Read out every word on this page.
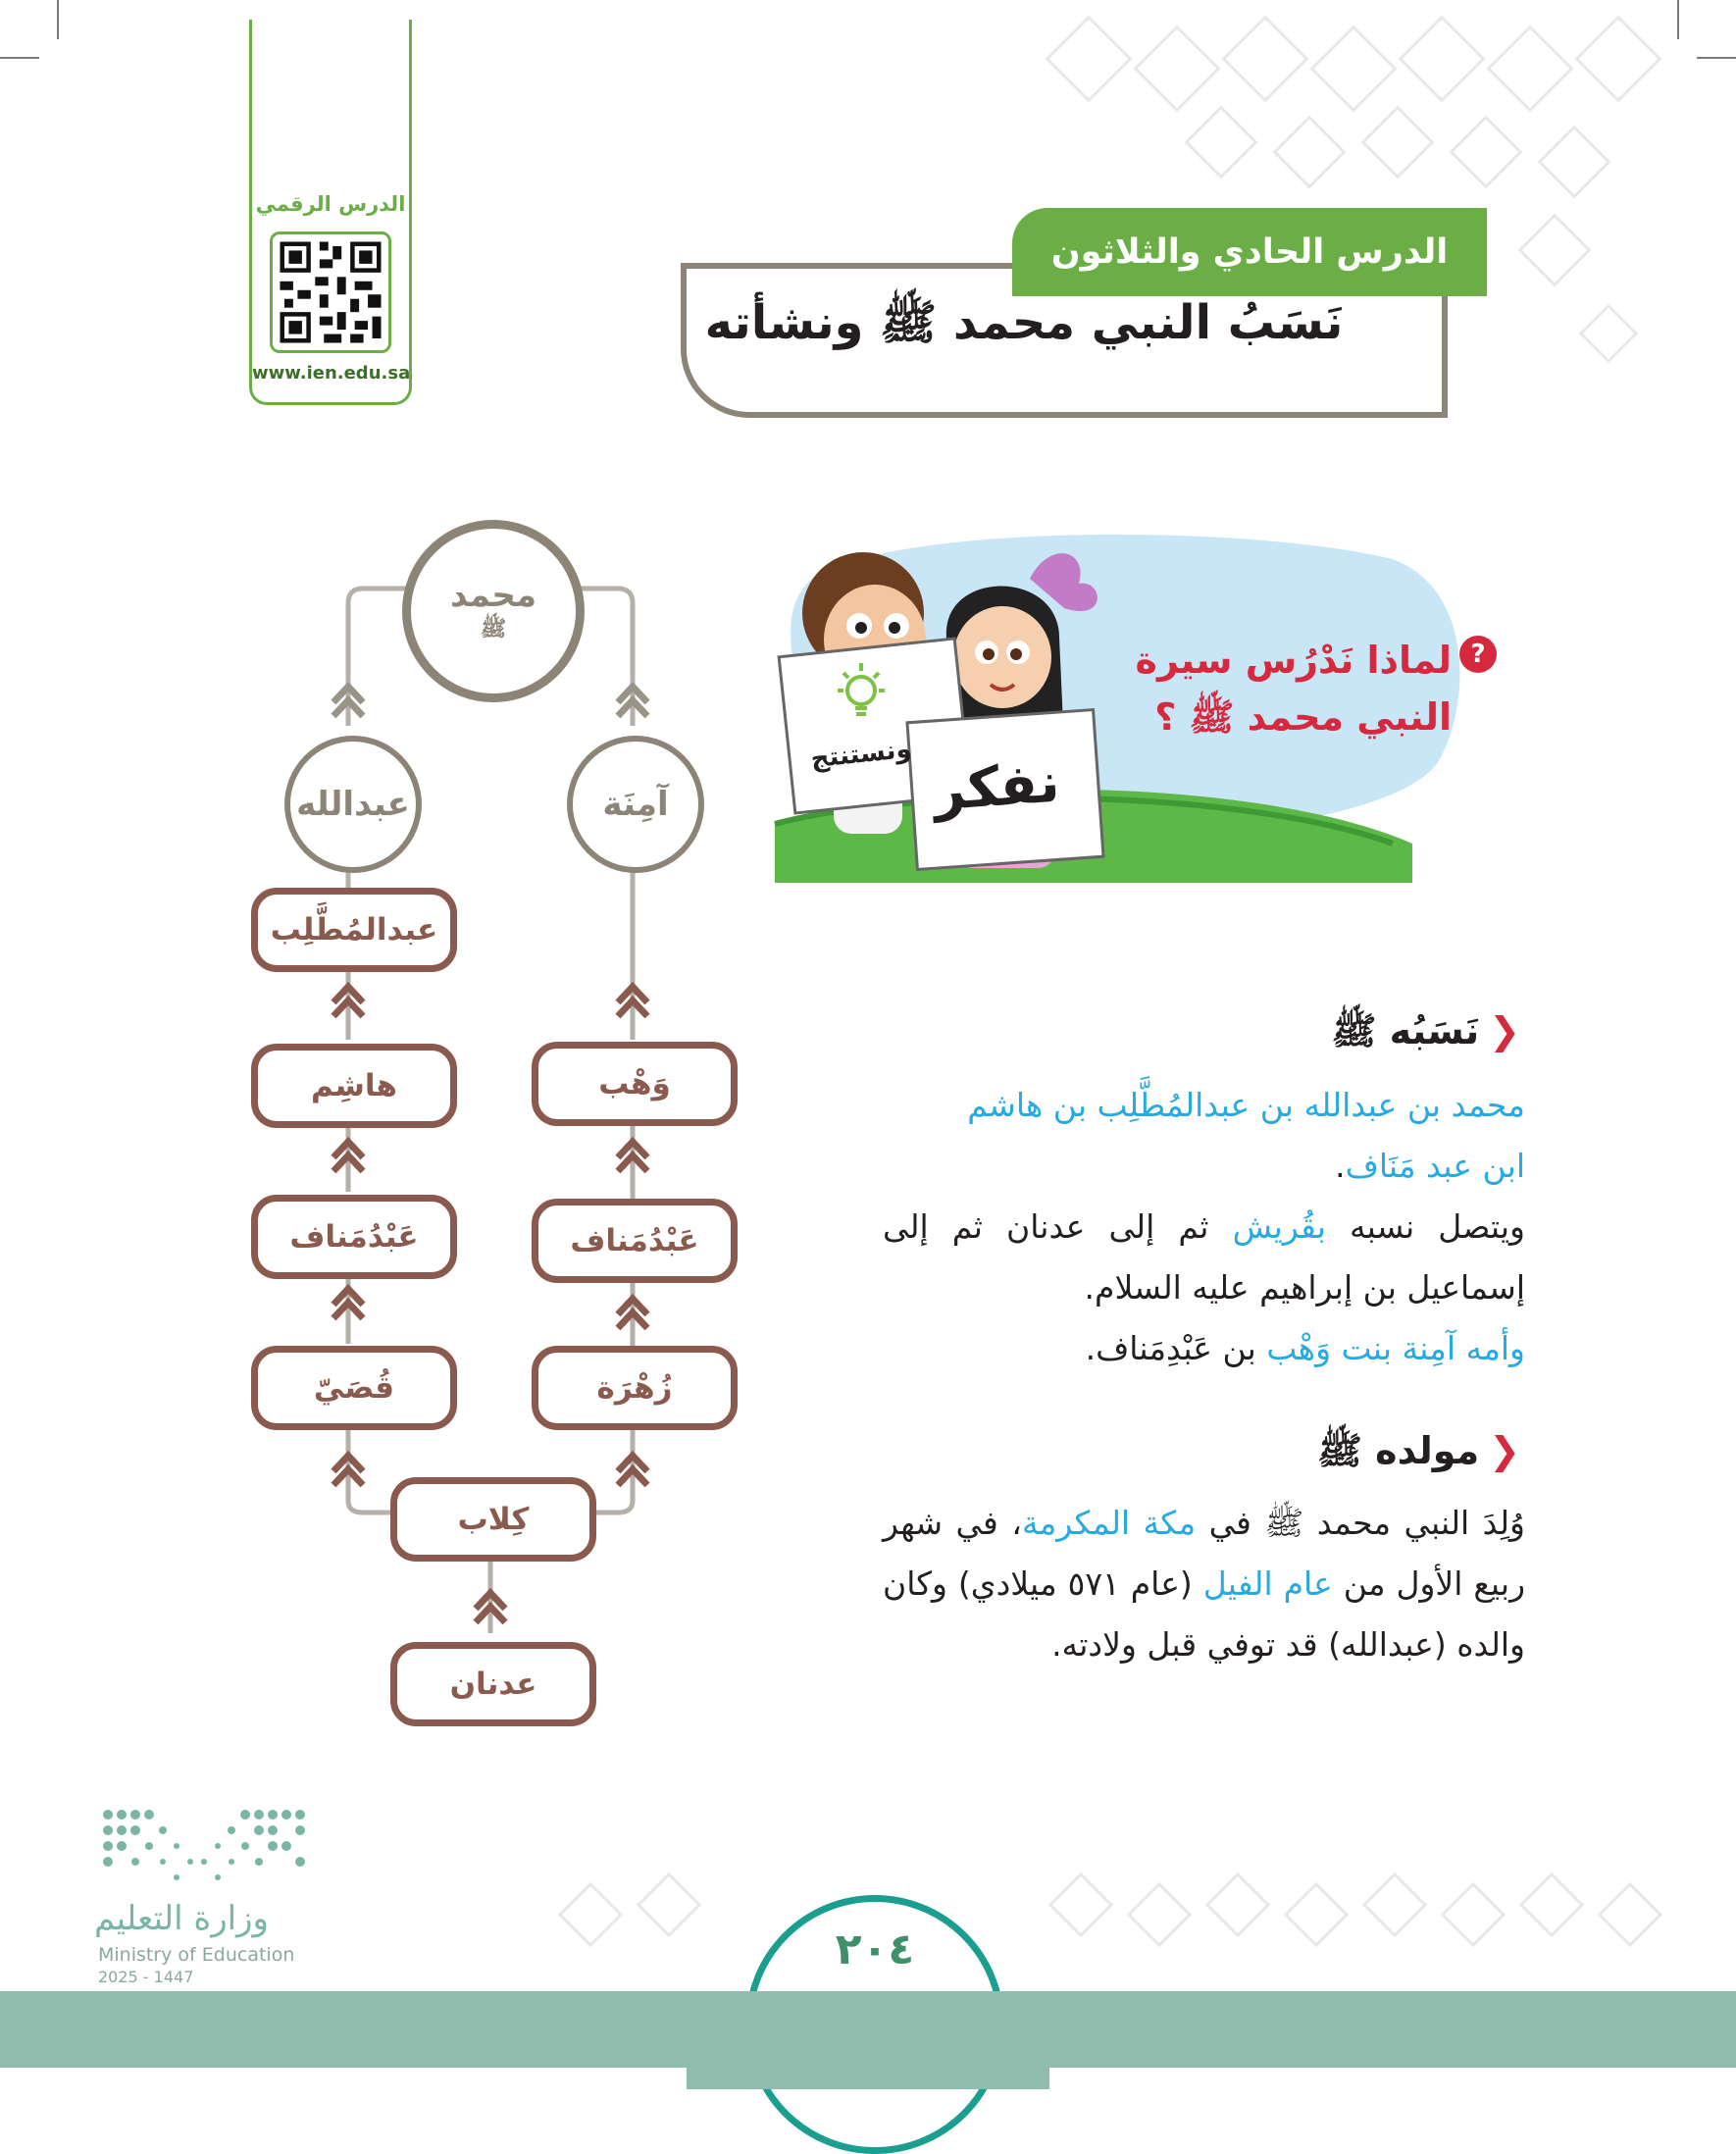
الدرس الرقمي
www.ien.edu.sa
الدرس الحادي والثلاثون
نَسَبُ النبي محمد ﷺ ونشأته
ونستنتج نفكر
?
لماذا نَدْرُس سيرة
النبي محمد ﷺ ؟
محمد
ﷺ
عبدالله	آمِنَة
عبدالمُطَّلِب
هاشِم
عَبْدُمَناف
قُصَيّ
وَهْب
عَبْدُمَناف
زُهْرَة
كِلاب
عدنان
❮نَسَبُه ﷺ
محمد بن عبدالله بن عبدالمُطَّلِب بن هاشم
ابن عبد مَنَاف.
ويتصل نسبه بقُريش ثم إلى عدنان ثم إلى إسماعيل بن إبراهيم عليه السلام.
وأمه آمِنة بنت وَهْب بن عَبْدِمَناف.
❮مولده ﷺ
وُلِدَ النبي محمد ﷺ في مكة المكرمة، في شهر ربيع الأول من عام الفيل (عام ٥٧١ ميلادي) وكان والده (عبدالله) قد توفي قبل ولادته.
٢٠٤
وزارة التعليم
Ministry of Education
2025 - 1447
